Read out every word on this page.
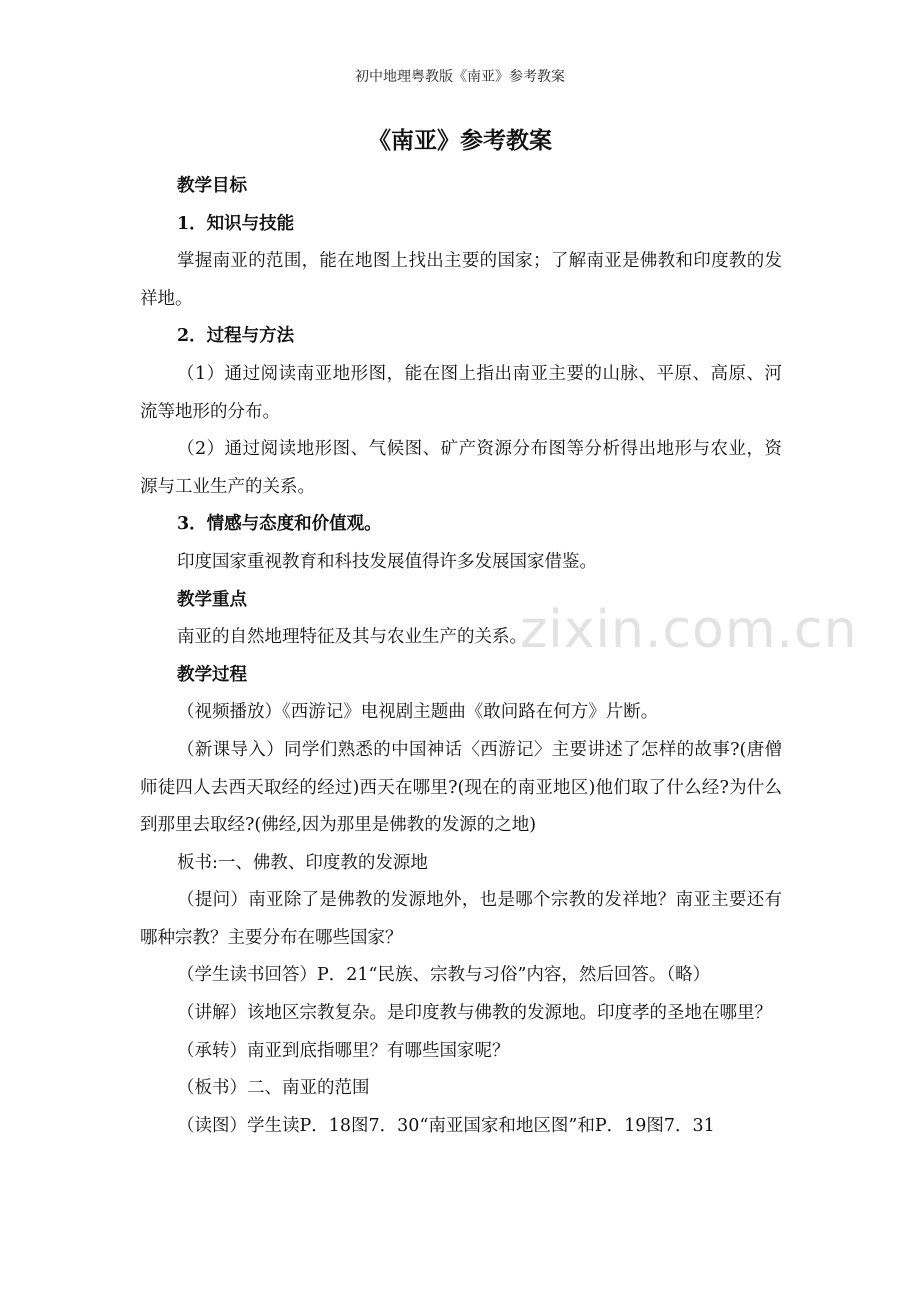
初中地理粤教版《南亚》参考教案
《南亚》参考教案
zixin.com.cn

教学目标

1．知识与技能

掌握南亚的范围，能在地图上找出主要的国家；了解南亚是佛教和印度教的发祥地。

2．过程与方法

（1）通过阅读南亚地形图，能在图上指出南亚主要的山脉、平原、高原、河流等地形的分布。

（2）通过阅读地形图、气候图、矿产资源分布图等分析得出地形与农业，资源与工业生产的关系。

3．情感与态度和价值观。

印度国家重视教育和科技发展值得许多发展国家借鉴。

教学重点

南亚的自然地理特征及其与农业生产的关系。

教学过程

（视频播放）《西游记》电视剧主题曲《敢问路在何方》片断。

（新课导入）同学们熟悉的中国神话〈西游记〉主要讲述了怎样的故事?(唐僧师徒四人去西天取经的经过)西天在哪里?(现在的南亚地区)他们取了什么经?为什么到那里去取经?(佛经,因为那里是佛教的发源的之地)

板书:一、佛教、印度教的发源地

（提问）南亚除了是佛教的发源地外，也是哪个宗教的发祥地？南亚主要还有哪种宗教？主要分布在哪些国家？

（学生读书回答）P．21“民族、宗教与习俗”内容，然后回答。（略）

（讲解）该地区宗教复杂。是印度教与佛教的发源地。印度孝的圣地在哪里？

（承转）南亚到底指哪里？有哪些国家呢？

（板书）二、南亚的范围

（读图）学生读P．18图7．30“南亚国家和地区图”和P．19图7．31
